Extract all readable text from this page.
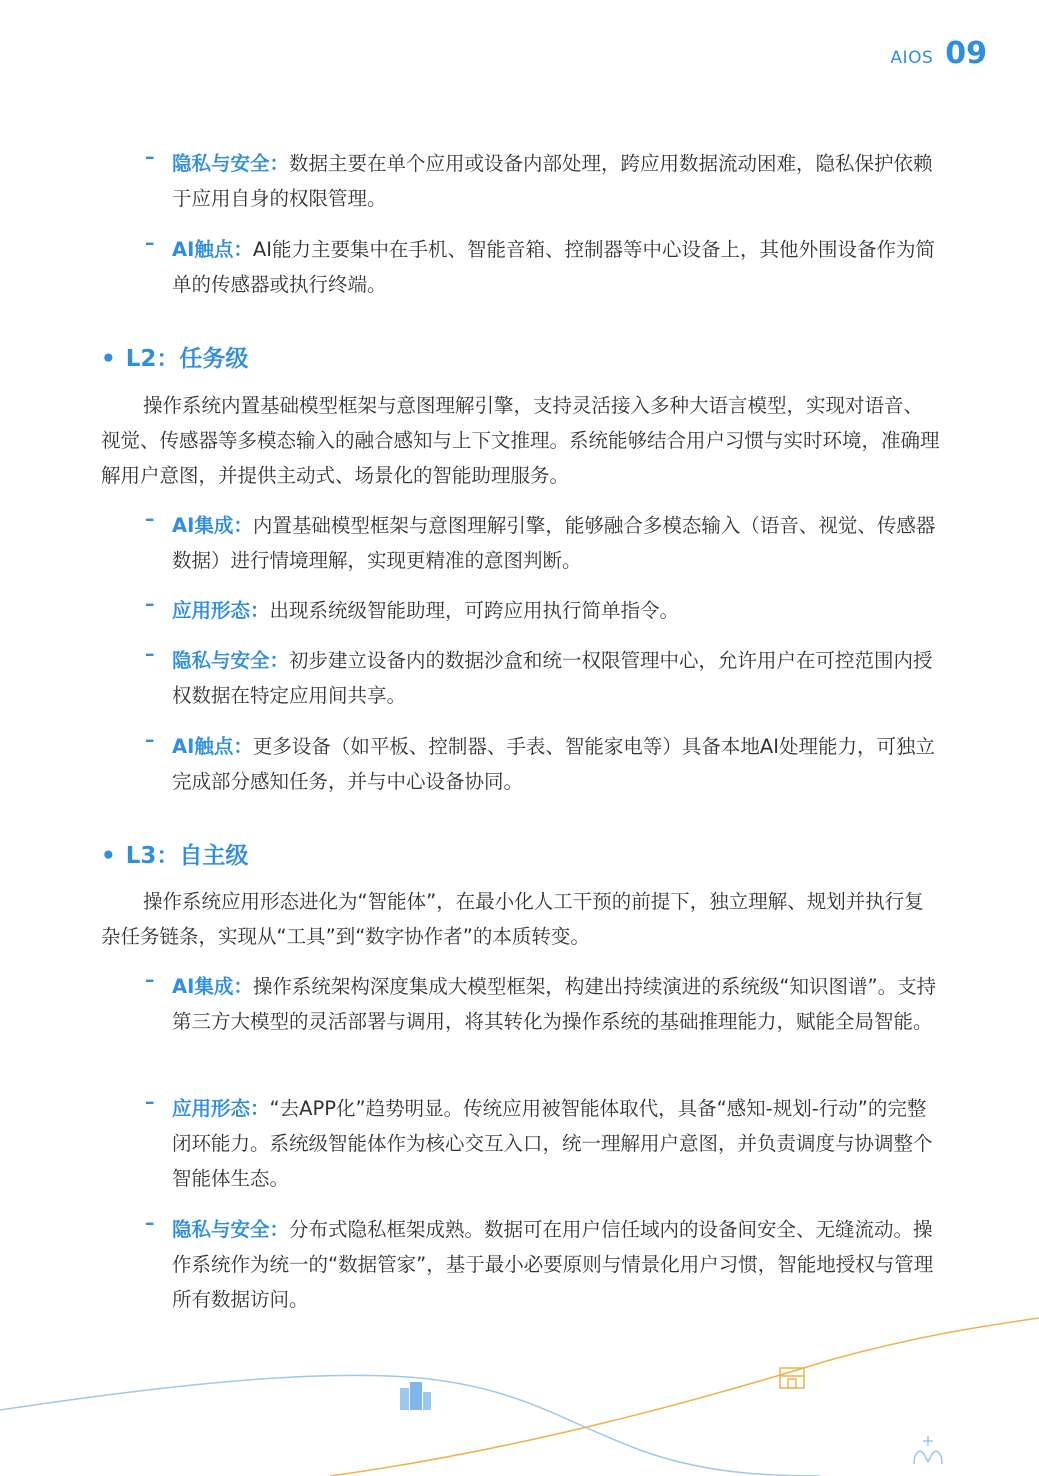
AIOS 09
– 隐私与安全：数据主要在单个应用或设备内部处理，跨应用数据流动困难，隐私保护依赖于应用自身的权限管理。
– AI触点：AI能力主要集中在手机、智能音箱、控制器等中心设备上，其他外围设备作为简单的传感器或执行终端。
• L2：任务级
操作系统内置基础模型框架与意图理解引擎，支持灵活接入多种大语言模型，实现对语音、视觉、传感器等多模态输入的融合感知与上下文推理。系统能够结合用户习惯与实时环境，准确理解用户意图，并提供主动式、场景化的智能助理服务。
– AI集成：内置基础模型框架与意图理解引擎，能够融合多模态输入（语音、视觉、传感器数据）进行情境理解，实现更精准的意图判断。
– 应用形态：出现系统级智能助理，可跨应用执行简单指令。
– 隐私与安全：初步建立设备内的数据沙盒和统一权限管理中心，允许用户在可控范围内授权数据在特定应用间共享。
– AI触点：更多设备（如平板、控制器、手表、智能家电等）具备本地AI处理能力，可独立完成部分感知任务，并与中心设备协同。
• L3：自主级
操作系统应用形态进化为“智能体”，在最小化人工干预的前提下，独立理解、规划并执行复杂任务链条，实现从“工具”到“数字协作者”的本质转变。
– AI集成：操作系统架构深度集成大模型框架，构建出持续演进的系统级“知识图谱”。支持第三方大模型的灵活部署与调用，将其转化为操作系统的基础推理能力，赋能全局智能。
– 应用形态：“去APP化”趋势明显。传统应用被智能体取代，具备“感知-规划-行动”的完整闭环能力。系统级智能体作为核心交互入口，统一理解用户意图，并负责调度与协调整个智能体生态。
– 隐私与安全：分布式隐私框架成熟。数据可在用户信任域内的设备间安全、无缝流动。操作系统作为统一的“数据管家”，基于最小必要原则与情景化用户习惯，智能地授权与管理所有数据访问。
